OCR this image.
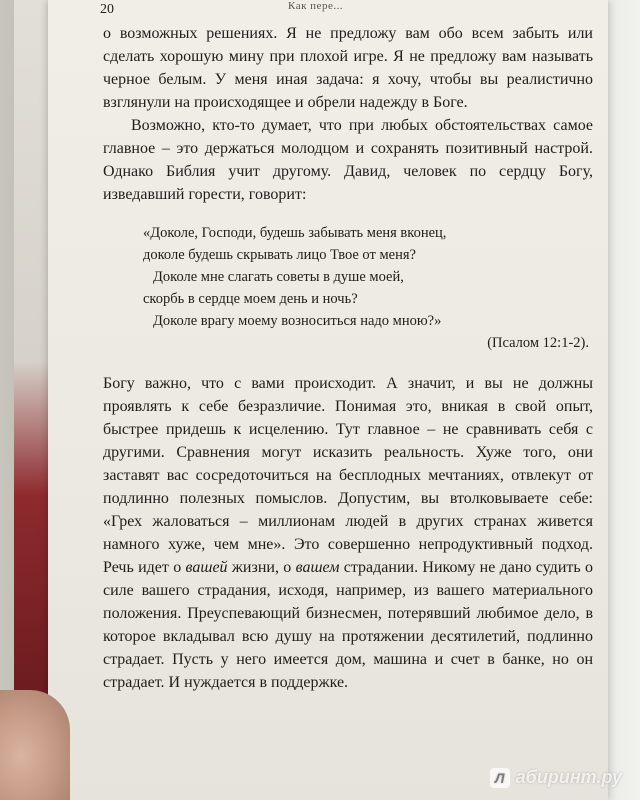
20	Как пере...

о возможных решениях. Я не предложу вам обо всем забыть или сделать хорошую мину при плохой игре. Я не предложу вам называть черное белым. У меня иная задача: я хочу, чтобы вы реалистично взглянули на происходящее и обрели надежду в Боге.

Возможно, кто-то думает, что при любых обстоятельствах самое главное – это держаться молодцом и сохранять позитивный настрой. Однако Библия учит другому. Давид, человек по сердцу Богу, изведавший горести, говорит:

«Доколе, Господи, будешь забывать меня вконец,
доколе будешь скрывать лицо Твое от меня?
Доколе мне слагать советы в душе моей,
скорбь в сердце моем день и ночь?
Доколе врагу моему возноситься надо мною?»
(Псалом 12:1-2).

Богу важно, что с вами происходит. А значит, и вы не должны проявлять к себе безразличие. Понимая это, вникая в свой опыт, быстрее придешь к исцелению. Тут главное – не сравнивать себя с другими. Сравнения могут исказить реальность. Хуже того, они заставят вас сосредоточиться на бесплодных мечтаниях, отвлекут от подлинно полезных помыслов. Допустим, вы втолковываете себе: «Грех жаловаться – миллионам людей в других странах живется намного хуже, чем мне». Это совершенно непродуктивный подход. Речь идет о вашей жизни, о вашем страдании. Никому не дано судить о силе вашего страдания, исходя, например, из вашего материального положения. Преуспевающий бизнесмен, потерявший любимое дело, в которое вкладывал всю душу на протяжении десятилетий, подлинно страдает. Пусть у него имеется дом, машина и счет в банке, но он страдает. И нуждается в поддержке.

Л абиринт.ру
